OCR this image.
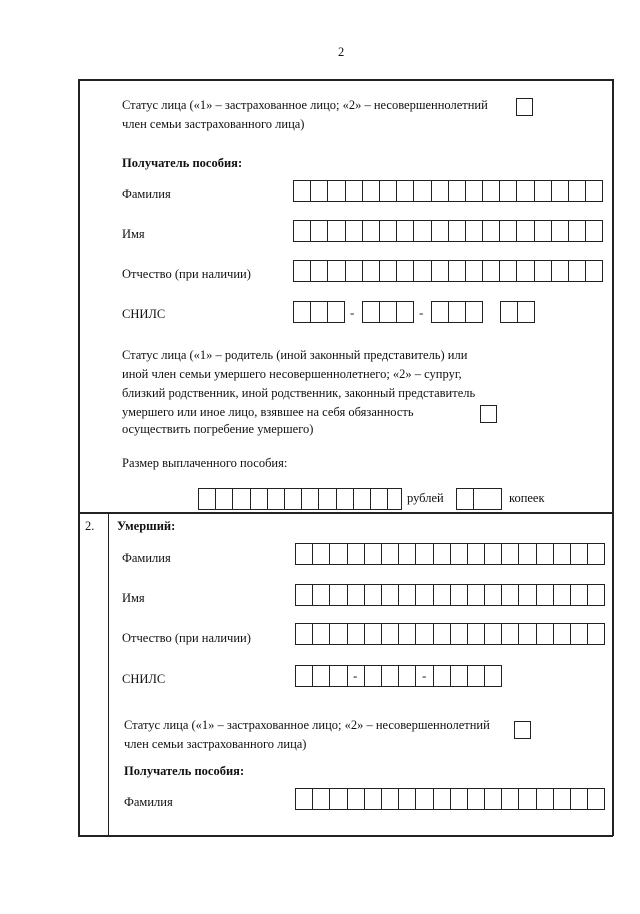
2
Статус лица («1» – застрахованное лицо; «2» – несовершеннолетний
член семьи застрахованного лица)
Получатель пособия:
Фамилия
Имя
Отчество (при наличии)
СНИЛС	-	-
Статус лица («1» – родитель (иной законный представитель) или
иной член семьи умершего несовершеннолетнего; «2» – супруг,
близкий родственник, иной родственник, законный представитель
умершего или иное лицо, взявшее на себя обязанность
осуществить погребение умершего)
Размер выплаченного пособия:
рублей	копеек
2. Умерший:
Фамилия
Имя
Отчество (при наличии)
СНИЛС	-	-
Статус лица («1» – застрахованное лицо; «2» – несовершеннолетний
член семьи застрахованного лица)
Получатель пособия:
Фамилия
